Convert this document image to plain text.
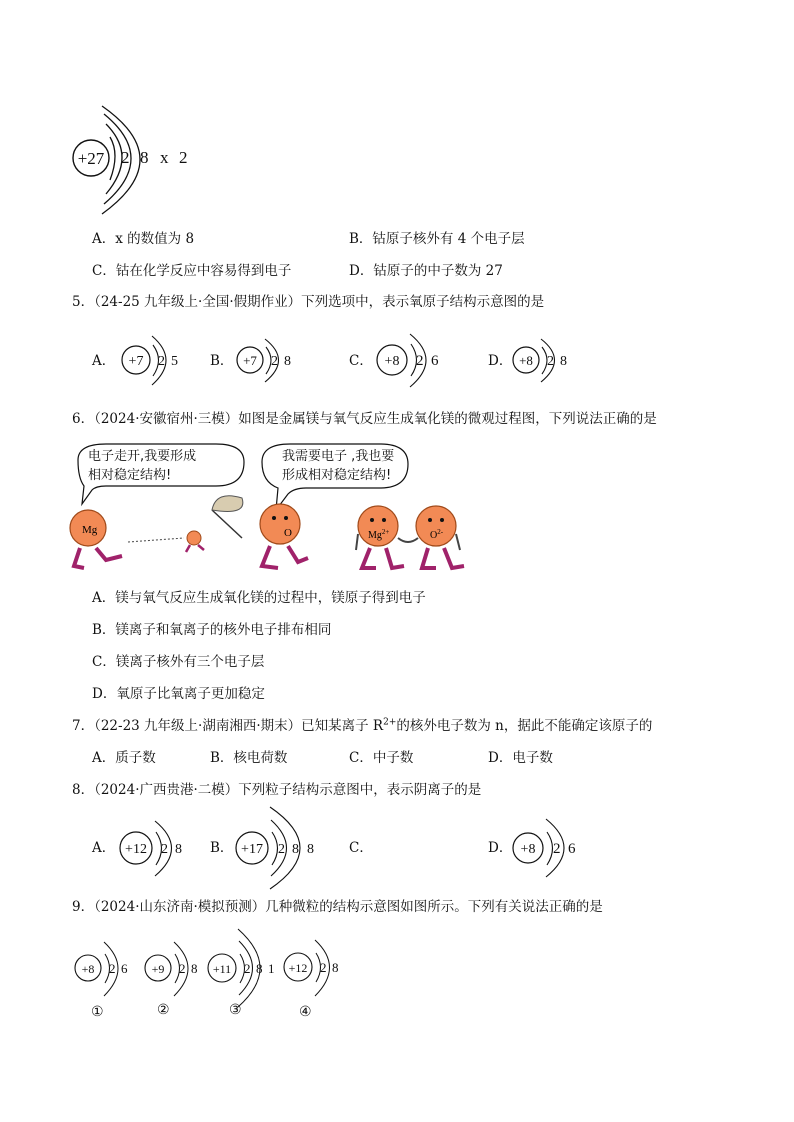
+27 2 8 x 2
A．x 的数值为 8	B．钴原子核外有 4 个电子层
C．钴在化学反应中容易得到电子	D．钴原子的中子数为 27
5．（24-25 九年级上·全国·假期作业）下列选项中，表示氧原子结构示意图的是
A． +7 2 5 B． +7 2 8	C． +8 2 6	D． +8 2 8
6．（2024·安徽宿州·三模）如图是金属镁与氧气反应生成氧化镁的微观过程图，下列说法正确的是
Mg	O	$Mg^{2+}$	$O^{2-}$
电子走开,我要形成
相对稳定结构!
我需要电子 ,我也要
形成相对稳定结构!
A．镁与氧气反应生成氧化镁的过程中，镁原子得到电子
B．镁离子和氧离子的核外电子排布相同
C．镁离子核外有三个电子层
D．氧原子比氧离子更加稳定
7．（22-23 九年级上·湖南湘西·期末）已知某离子 $R^{2+}$的核外电子数为 n，据此不能确定该原子的
A．质子数	B．核电荷数	C．中子数	D．电子数
8．（2024·广西贵港·二模）下列粒子结构示意图中，表示阴离子的是
A． +12 2 8 B． +17 2 8 8	C．	D． +8 2 6
9．（2024·山东济南·模拟预测）几种微粒的结构示意图如图所示。下列有关说法正确的是
+8 2 6
①
+9 2 8
②
+11 2 8 1
③
+12 2 8
④
